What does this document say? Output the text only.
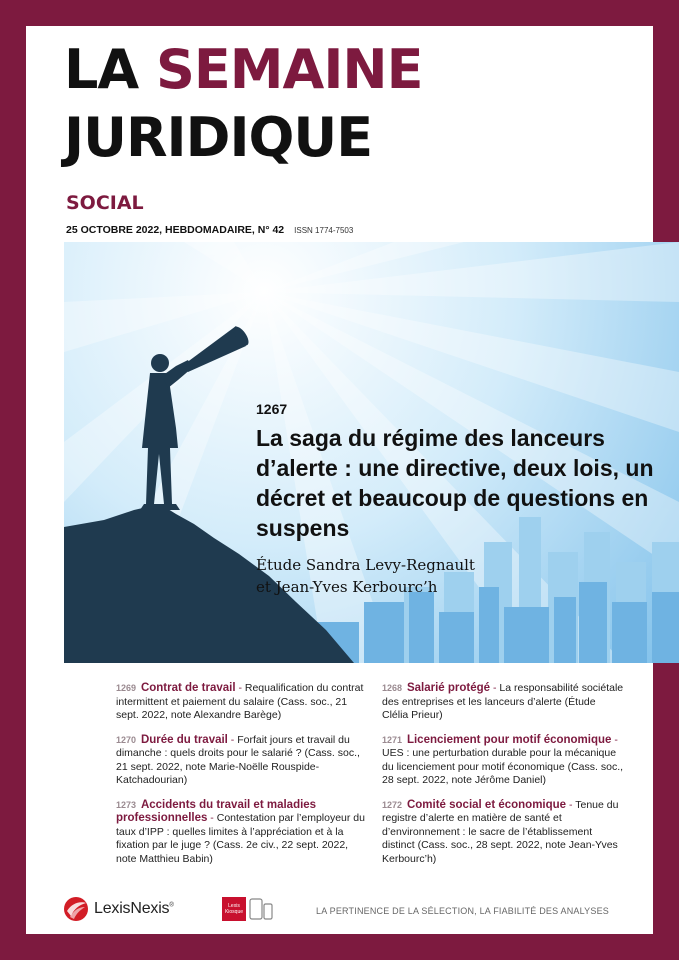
LA SEMAINE
JURIDIQUE
SOCIAL
25 OCTOBRE 2022, HEBDOMADAIRE, N° 42 ISSN 1774-7503
1267
La saga du régime des lanceurs d’alerte : une directive, deux lois, un décret et beaucoup de questions en suspens
Étude Sandra Levy-Regnault
et Jean-Yves Kerbourc’h
1269 Contrat de travail - Requalification du contrat intermittent et paiement du salaire (Cass. soc., 21 sept. 2022, note Alexandre Barège)
1270 Durée du travail - Forfait jours et travail du dimanche : quels droits pour le salarié ? (Cass. soc., 21 sept. 2022, note Marie-Noëlle Rouspide-Katchadourian)
1273 Accidents du travail et maladies professionnelles - Contestation par l’employeur du taux d’IPP : quelles limites à l’appréciation et à la fixation par le juge ? (Cass. 2e civ., 22 sept. 2022, note Matthieu Babin)
1268 Salarié protégé - La responsabilité sociétale des entreprises et les lanceurs d’alerte (Étude Clélia Prieur)
1271 Licenciement pour motif économique - UES : une perturbation durable pour la mécanique du licenciement pour motif économique (Cass. soc., 28 sept. 2022, note Jérôme Daniel)
1272 Comité social et économique - Tenue du registre d’alerte en matière de santé et d’environnement : le sacre de l’établissement distinct (Cass. soc., 28 sept. 2022, note Jean-Yves Kerbourc’h)
LexisNexis®	Lexis
Kiosque	LA PERTINENCE DE LA SÉLECTION, LA FIABILITÉ DES ANALYSES
